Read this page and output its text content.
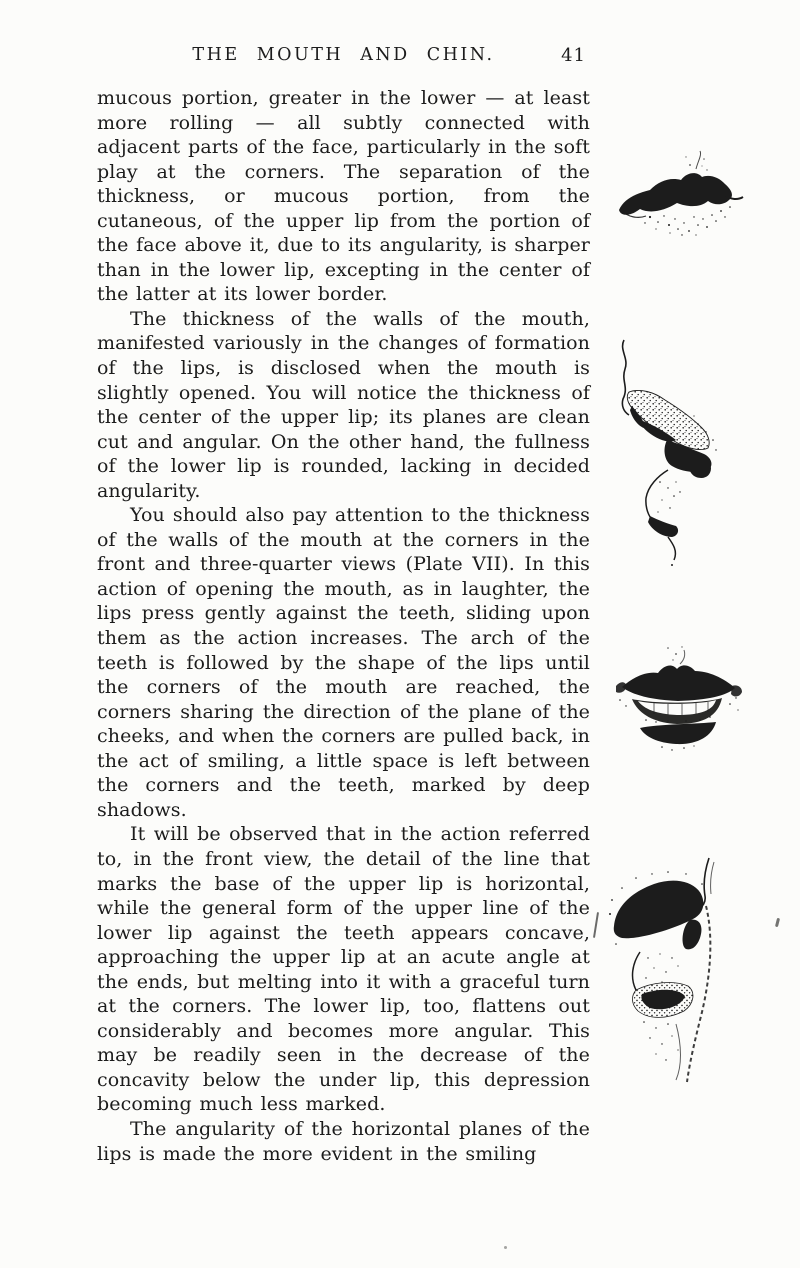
THE MOUTH AND CHIN.	41

mucous portion, greater in the lower — at least more rolling — all subtly connected with adjacent parts of the face, particularly in the soft play at the corners. The separation of the thickness, or mucous portion, from the cutaneous, of the upper lip from the portion of the face above it, due to its angularity, is sharper than in the lower lip, excepting in the center of the latter at its lower border.

The thickness of the walls of the mouth, manifested variously in the changes of formation of the lips, is disclosed when the mouth is slightly opened. You will notice the thickness of the center of the upper lip; its planes are clean cut and angular. On the other hand, the fullness of the lower lip is rounded, lacking in decided angularity.

You should also pay attention to the thickness of the walls of the mouth at the corners in the front and three-quarter views (Plate VII). In this action of opening the mouth, as in laughter, the lips press gently against the teeth, sliding upon them as the action increases. The arch of the teeth is followed by the shape of the lips until the corners of the mouth are reached, the corners sharing the direction of the plane of the cheeks, and when the corners are pulled back, in the act of smiling, a little space is left between the corners and the teeth, marked by deep shadows.

It will be observed that in the action referred to, in the front view, the detail of the line that marks the base of the upper lip is horizontal, while the general form of the upper line of the lower lip against the teeth appears concave, approaching the upper lip at an acute angle at the ends, but melting into it with a graceful turn at the corners. The lower lip, too, flattens out considerably and becomes more angular. This may be readily seen in the decrease of the concavity below the under lip, this depression becoming much less marked.

The angularity of the horizontal planes of the lips is made the more evident in the smiling
